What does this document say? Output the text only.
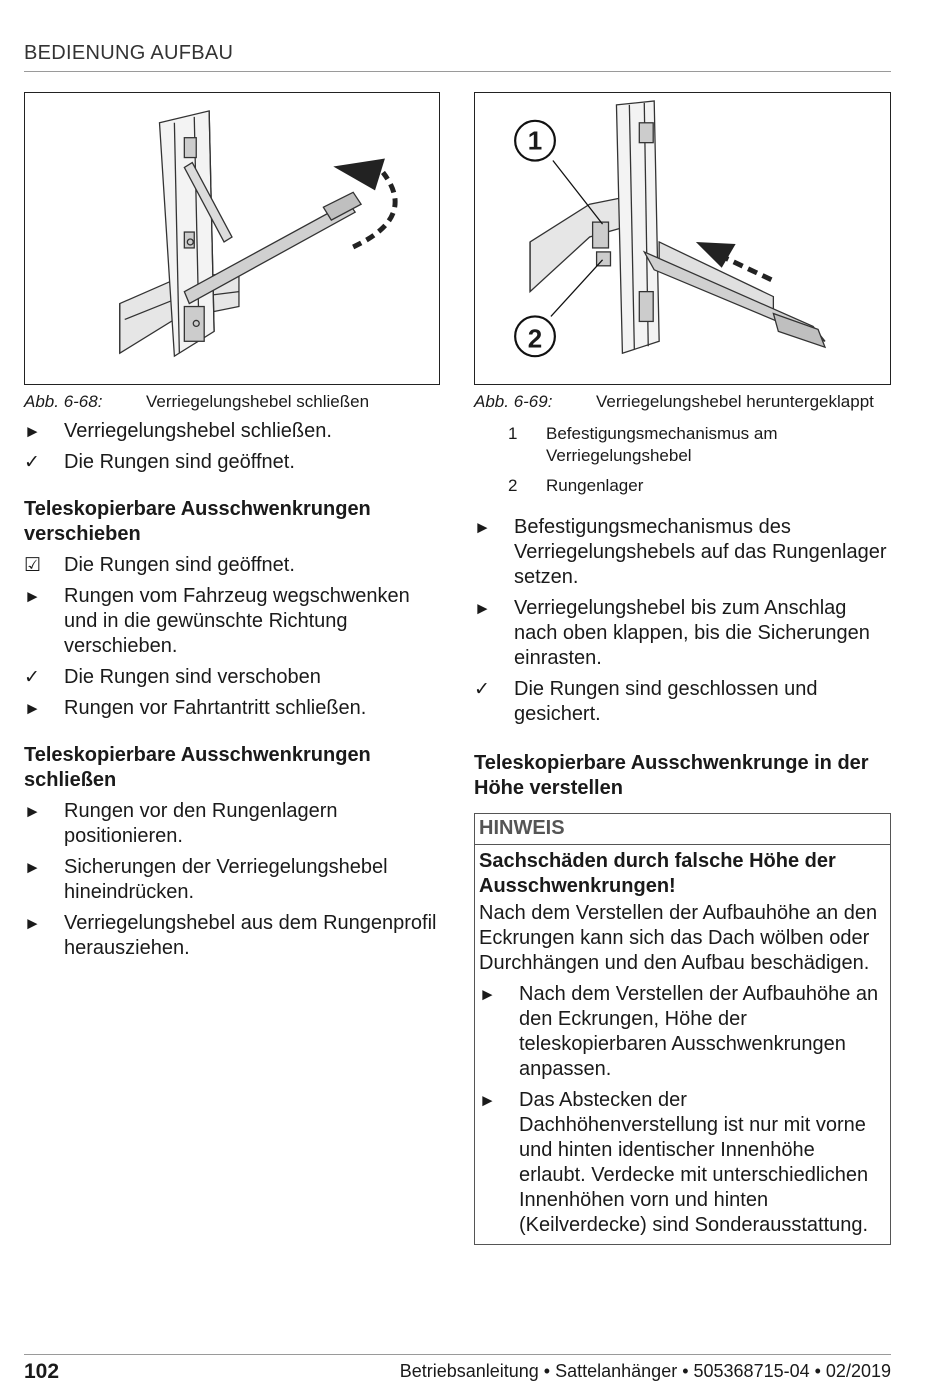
BEDIENUNG AUFBAU
Abb. 6-68:	Verriegelungshebel schließen
►	Verriegelungshebel schließen.
✓	Die Rungen sind geöffnet.
Teleskopierbare Ausschwenkrungen verschieben
☑	Die Rungen sind geöffnet.
►	Rungen vom Fahrzeug wegschwenken und in die gewünschte Richtung verschieben.
✓	Die Rungen sind verschoben
►	Rungen vor Fahrtantritt schließen.
Teleskopierbare Ausschwenkrungen schließen
►	Rungen vor den Rungenlagern positionieren.
►	Sicherungen der Verriegelungshebel hineindrücken.
►	Verriegelungshebel aus dem Rungenprofil herausziehen.
1
2
Abb. 6-69:	Verriegelungshebel heruntergeklappt
1	Befestigungsmechanismus am Verriegelungshebel
2	Rungenlager
►	Befestigungsmechanismus des Verriegelungshebels auf das Rungenlager setzen.
►	Verriegelungshebel bis zum Anschlag nach oben klappen, bis die Sicherungen einrasten.
✓	Die Rungen sind geschlossen und gesichert.
Teleskopierbare Ausschwenkrunge in der Höhe verstellen
HINWEIS
Sachschäden durch falsche Höhe der Ausschwenkrungen!
Nach dem Verstellen der Aufbauhöhe an den Eckrungen kann sich das Dach wölben oder Durchhängen und den Aufbau beschädigen.
►	Nach dem Verstellen der Aufbauhöhe an den Eckrungen, Höhe der teleskopierbaren Ausschwenkrungen anpassen.
►	Das Abstecken der Dachhöhenverstellung ist nur mit vorne und hinten identischer Innenhöhe erlaubt. Verdecke mit unterschiedlichen Innenhöhen vorn und hinten (Keilverdecke) sind Sonderausstattung.
102	Betriebsanleitung • Sattelanhänger • 505368715-04 • 02/2019
